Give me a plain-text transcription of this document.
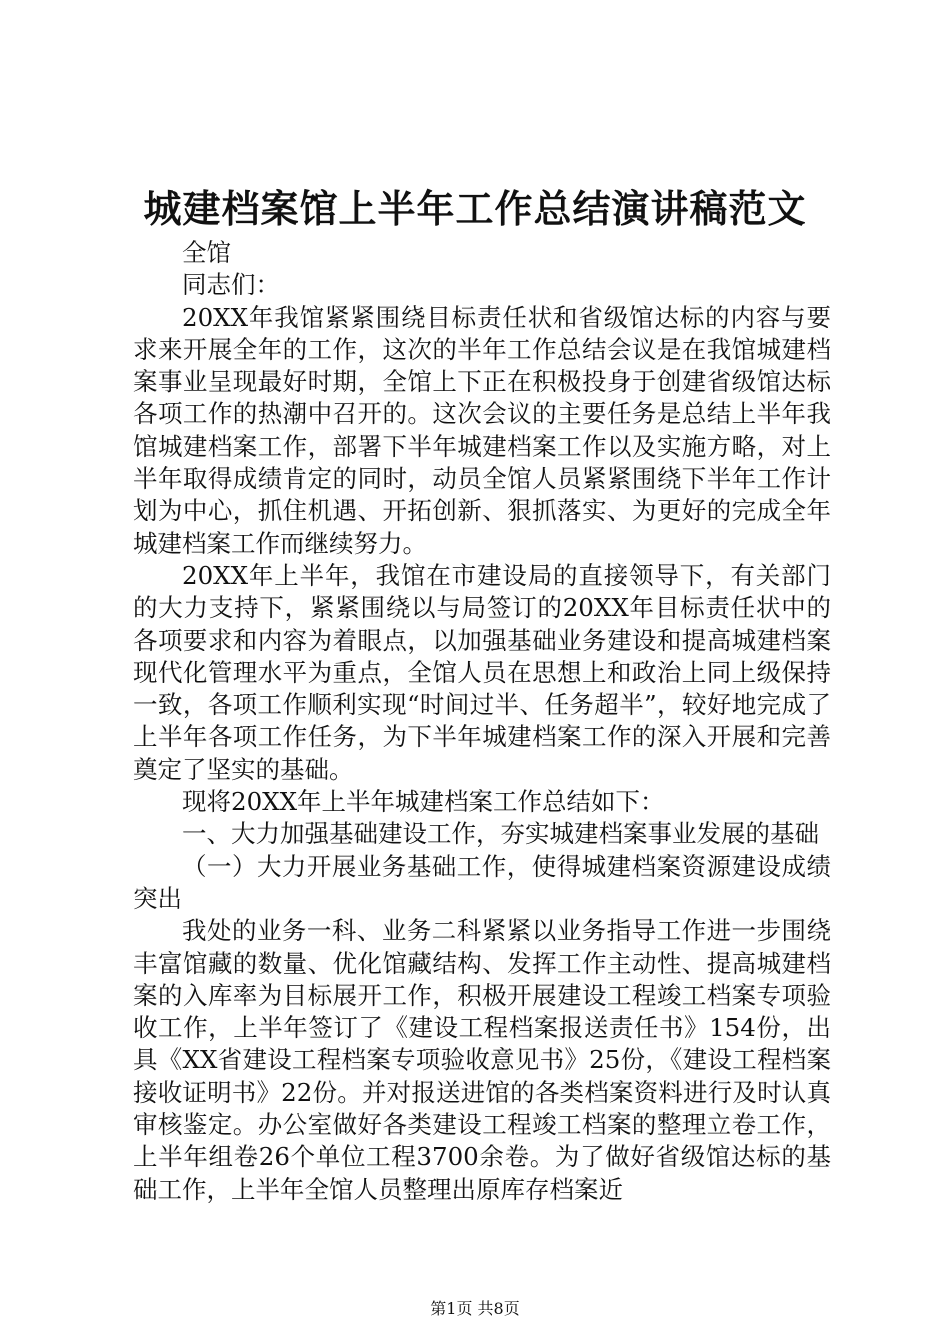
城建档案馆上半年工作总结演讲稿范文

全馆

同志们：

20XX年我馆紧紧围绕目标责任状和省级馆达标的内容与要求来开展全年的工作，这次的半年工作总结会议是在我馆城建档案事业呈现最好时期，全馆上下正在积极投身于创建省级馆达标各项工作的热潮中召开的。这次会议的主要任务是总结上半年我馆城建档案工作，部署下半年城建档案工作以及实施方略，对上半年取得成绩肯定的同时，动员全馆人员紧紧围绕下半年工作计划为中心，抓住机遇、开拓创新、狠抓落实、为更好的完成全年城建档案工作而继续努力。

20XX年上半年，我馆在市建设局的直接领导下，有关部门的大力支持下，紧紧围绕以与局签订的20XX年目标责任状中的各项要求和内容为着眼点，以加强基础业务建设和提高城建档案现代化管理水平为重点，全馆人员在思想上和政治上同上级保持一致，各项工作顺利实现“时间过半、任务超半”，较好地完成了上半年各项工作任务，为下半年城建档案工作的深入开展和完善奠定了坚实的基础。

现将20XX年上半年城建档案工作总结如下：

一、大力加强基础建设工作，夯实城建档案事业发展的基础

（一）大力开展业务基础工作，使得城建档案资源建设成绩突出

我处的业务一科、业务二科紧紧以业务指导工作进一步围绕丰富馆藏的数量、优化馆藏结构、发挥工作主动性、提高城建档案的入库率为目标展开工作，积极开展建设工程竣工档案专项验收工作，上半年签订了《建设工程档案报送责任书》154份，出具《XX省建设工程档案专项验收意见书》25份，《建设工程档案接收证明书》22份。并对报送进馆的各类档案资料进行及时认真审核鉴定。办公室做好各类建设工程竣工档案的整理立卷工作，上半年组卷26个单位工程3700余卷。为了做好省级馆达标的基础工作，上半年全馆人员整理出原库存档案近

第1页 共8页
